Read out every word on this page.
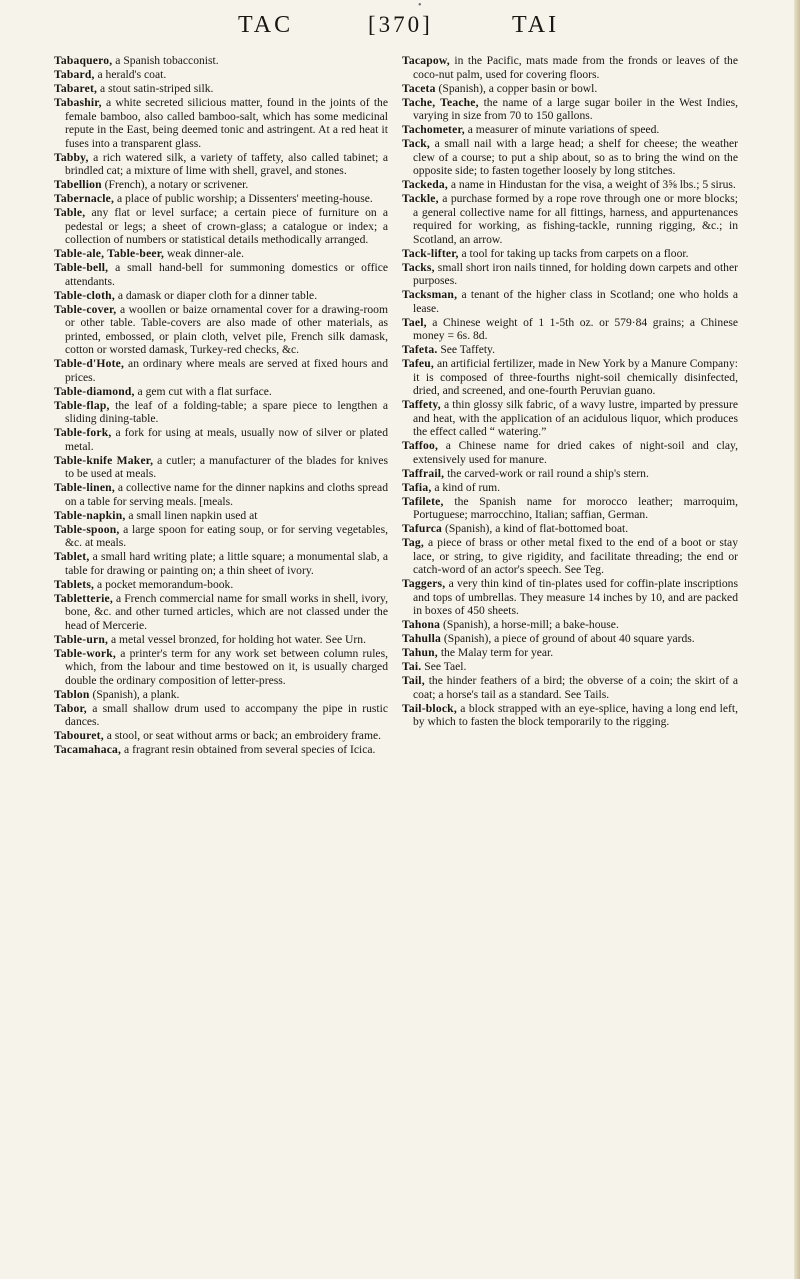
•
TAC	[370]	TAI

Tabaquero, a Spanish tobacconist.

Tabard, a herald's coat.

Tabaret, a stout satin-striped silk.

Tabashir, a white secreted silicious matter, found in the joints of the female bamboo, also called bamboo-salt, which has some medicinal repute in the East, being deemed tonic and astringent. At a red heat it fuses into a transparent glass.

Tabby, a rich watered silk, a variety of taffety, also called tabinet; a brindled cat; a mixture of lime with shell, gravel, and stones.

Tabellion (French), a notary or scrivener.

Tabernacle, a place of public worship; a Dissenters' meeting-house.

Table, any flat or level surface; a certain piece of furniture on a pedestal or legs; a sheet of crown-glass; a catalogue or index; a collection of numbers or statistical details methodically arranged.

Table-ale, Table-beer, weak dinner-ale.

Table-bell, a small hand-bell for summoning domestics or office attendants.

Table-cloth, a damask or diaper cloth for a dinner table.

Table-cover, a woollen or baize ornamental cover for a drawing-room or other table. Table-covers are also made of other materials, as printed, embossed, or plain cloth, velvet pile, French silk damask, cotton or worsted damask, Turkey-red checks, &c.

Table-d'Hote, an ordinary where meals are served at fixed hours and prices.

Table-diamond, a gem cut with a flat surface.

Table-flap, the leaf of a folding-table; a spare piece to lengthen a sliding dining-table.

Table-fork, a fork for using at meals, usually now of silver or plated metal.

Table-knife Maker, a cutler; a manufacturer of the blades for knives to be used at meals.

Table-linen, a collective name for the dinner napkins and cloths spread on a table for serving meals. [meals.

Table-napkin, a small linen napkin used at

Table-spoon, a large spoon for eating soup, or for serving vegetables, &c. at meals.

Tablet, a small hard writing plate; a little square; a monumental slab, a table for drawing or painting on; a thin sheet of ivory.

Tablets, a pocket memorandum-book.

Tabletterie, a French commercial name for small works in shell, ivory, bone, &c. and other turned articles, which are not classed under the head of Mercerie.

Table-urn, a metal vessel bronzed, for holding hot water. See Urn.

Table-work, a printer's term for any work set between column rules, which, from the labour and time bestowed on it, is usually charged double the ordinary composition of letter-press.

Tablon (Spanish), a plank.

Tabor, a small shallow drum used to accompany the pipe in rustic dances.

Tabouret, a stool, or seat without arms or back; an embroidery frame.

Tacamahaca, a fragrant resin obtained from several species of Icica.

Tacapow, in the Pacific, mats made from the fronds or leaves of the coco-nut palm, used for covering floors.

Taceta (Spanish), a copper basin or bowl.

Tache, Teache, the name of a large sugar boiler in the West Indies, varying in size from 70 to 150 gallons.

Tachometer, a measurer of minute variations of speed.

Tack, a small nail with a large head; a shelf for cheese; the weather clew of a course; to put a ship about, so as to bring the wind on the opposite side; to fasten together loosely by long stitches.

Tackeda, a name in Hindustan for the visa, a weight of 3⅝ lbs.; 5 sirus.

Tackle, a purchase formed by a rope rove through one or more blocks; a general collective name for all fittings, harness, and appurtenances required for working, as fishing-tackle, running rigging, &c.; in Scotland, an arrow.

Tack-lifter, a tool for taking up tacks from carpets on a floor.

Tacks, small short iron nails tinned, for holding down carpets and other purposes.

Tacksman, a tenant of the higher class in Scotland; one who holds a lease.

Tael, a Chinese weight of 1 1-5th oz. or 579·84 grains; a Chinese money = 6s. 8d.

Tafeta. See Taffety.

Tafeu, an artificial fertilizer, made in New York by a Manure Company: it is composed of three-fourths night-soil chemically disinfected, dried, and screened, and one-fourth Peruvian guano.

Taffety, a thin glossy silk fabric, of a wavy lustre, imparted by pressure and heat, with the application of an acidulous liquor, which produces the effect called “ watering.”

Taffoo, a Chinese name for dried cakes of night-soil and clay, extensively used for manure.

Taffrail, the carved-work or rail round a ship's stern.

Tafia, a kind of rum.

Tafilete, the Spanish name for morocco leather; marroquim, Portuguese; marrocchino, Italian; saffian, German.

Tafurca (Spanish), a kind of flat-bottomed boat.

Tag, a piece of brass or other metal fixed to the end of a boot or stay lace, or string, to give rigidity, and facilitate threading; the end or catch-word of an actor's speech. See Teg.

Taggers, a very thin kind of tin-plates used for coffin-plate inscriptions and tops of umbrellas. They measure 14 inches by 10, and are packed in boxes of 450 sheets.

Tahona (Spanish), a horse-mill; a bake-house.

Tahulla (Spanish), a piece of ground of about 40 square yards.

Tahun, the Malay term for year.

Tai. See Tael.

Tail, the hinder feathers of a bird; the obverse of a coin; the skirt of a coat; a horse's tail as a standard. See Tails.

Tail-block, a block strapped with an eye-splice, having a long end left, by which to fasten the block temporarily to the rigging.
